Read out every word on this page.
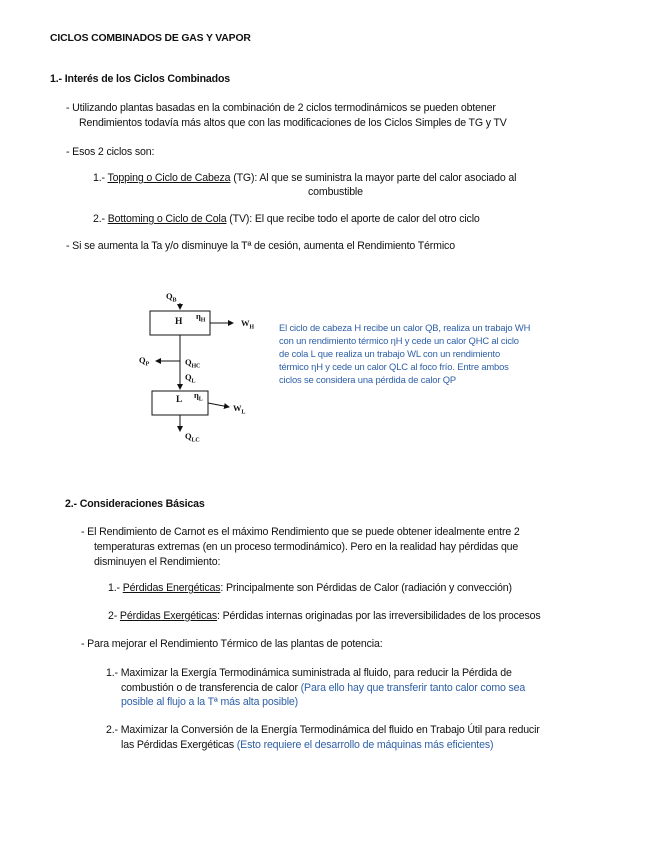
CICLOS COMBINADOS DE GAS Y VAPOR
1.- Interés de los Ciclos Combinados
- Utilizando plantas basadas en la combinación de 2 ciclos termodinámicos se pueden obtener
Rendimientos todavía más altos que con las modificaciones de los Ciclos Simples de TG y TV
- Esos 2 ciclos son:
1.- Topping o Ciclo de Cabeza (TG): Al que se suministra la mayor parte del calor asociado al
combustible
2.- Bottoming o Ciclo de Cola (TV): El que recibe todo el aporte de calor del otro ciclo
- Si se aumenta la Ta y/o disminuye la Tª de cesión, aumenta el Rendimiento Térmico
$Q_B$
H
$\eta_H$	$W_H$
$Q_P$	$Q_{HC}$
$Q_L$
L $\eta_L$
$W_L$
$Q_{LC}$
El ciclo de cabeza H recibe un calor QB, realiza un trabajo WH
con un rendimiento térmico ηH y cede un calor QHC al ciclo
de cola L que realiza un trabajo WL con un rendimiento
térmico ηH y cede un calor QLC al foco frío. Entre ambos
ciclos se considera una pérdida de calor QP
2.- Consideraciones Básicas
- El Rendimiento de Carnot es el máximo Rendimiento que se puede obtener idealmente entre 2
temperaturas extremas (en un proceso termodinámico). Pero en la realidad hay pérdidas que
disminuyen el Rendimiento:
1.- Pérdidas Energéticas: Principalmente son Pérdidas de Calor (radiación y convección)
2- Pérdidas Exergéticas: Pérdidas internas originadas por las irreversibilidades de los procesos
- Para mejorar el Rendimiento Térmico de las plantas de potencia:
1.- Maximizar la Exergía Termodinámica suministrada al fluido, para reducir la Pérdida de
combustión o de transferencia de calor (Para ello hay que transferir tanto calor como sea
posible al flujo a la Tª más alta posible)
2.- Maximizar la Conversión de la Energía Termodinámica del fluido en Trabajo Útil para reducir
las Pérdidas Exergéticas (Esto requiere el desarrollo de máquinas más eficientes)
